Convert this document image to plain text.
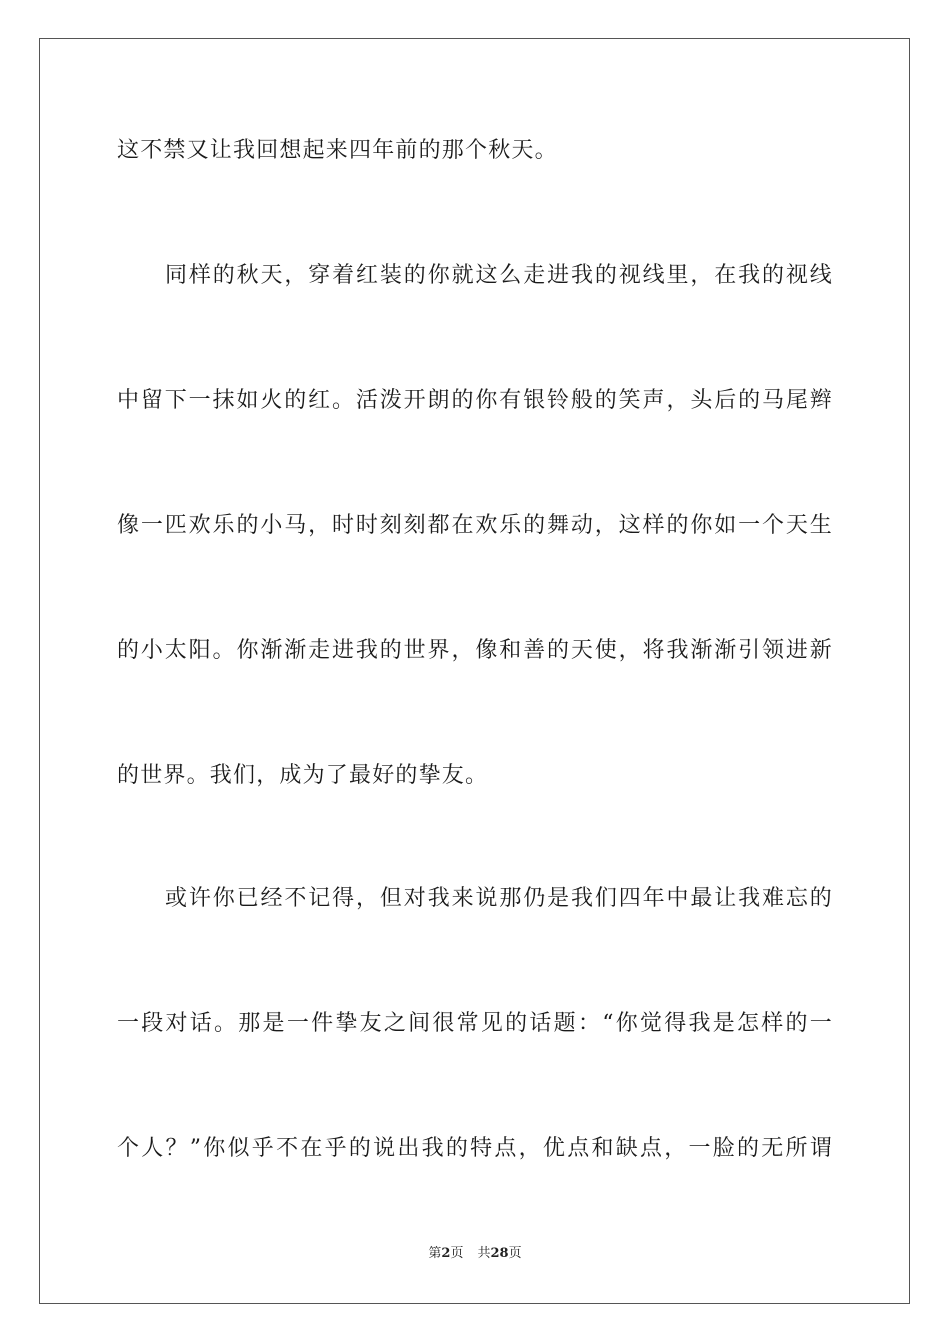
这不禁又让我回想起来四年前的那个秋天。
同样的秋天，穿着红装的你就这么走进我的视线里，在我的视线
中留下一抹如火的红。活泼开朗的你有银铃般的笑声，头后的马尾辫
像一匹欢乐的小马，时时刻刻都在欢乐的舞动，这样的你如一个天生
的小太阳。你渐渐走进我的世界，像和善的天使，将我渐渐引领进新
的世界。我们，成为了最好的挚友。
或许你已经不记得，但对我来说那仍是我们四年中最让我难忘的
一段对话。那是一件挚友之间很常见的话题：“你觉得我是怎样的一
个人？”你似乎不在乎的说出我的特点，优点和缺点，一脸的无所谓
第2页 共28页
